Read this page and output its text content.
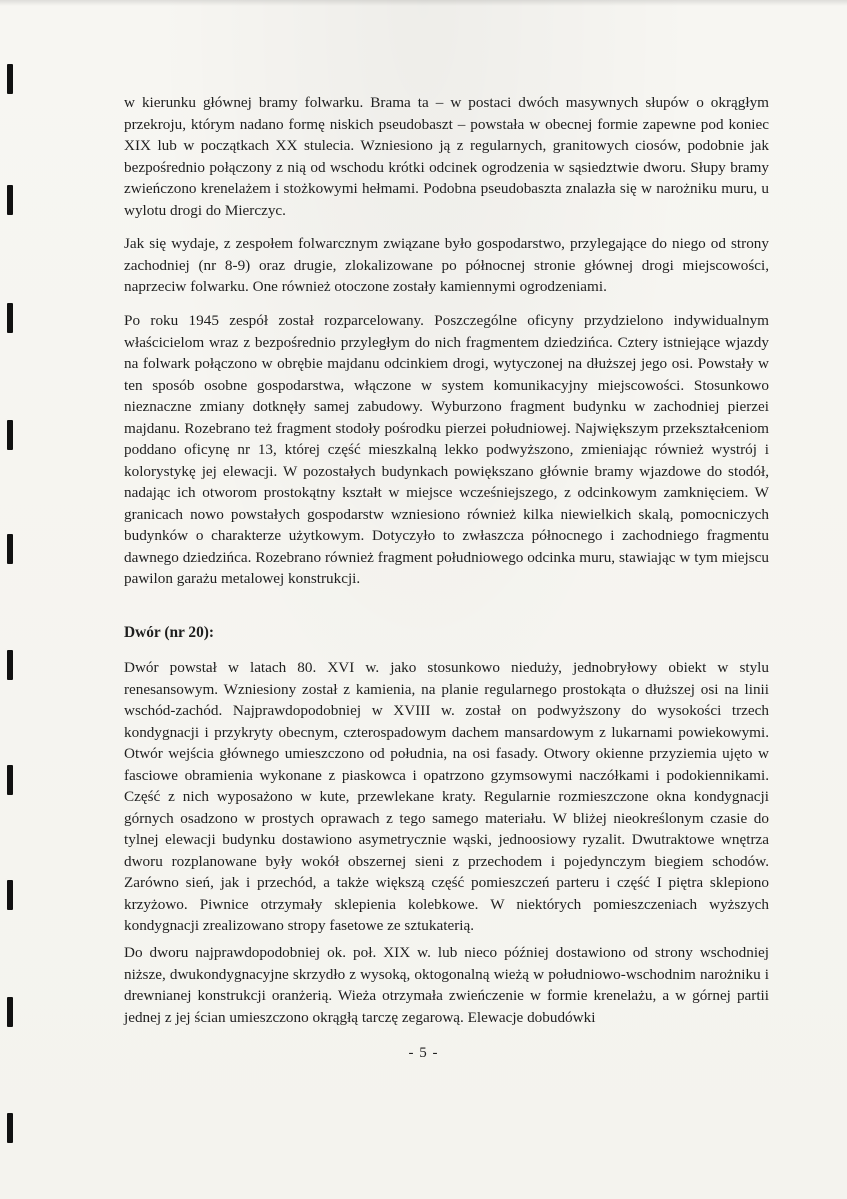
w kierunku głównej bramy folwarku. Brama ta – w postaci dwóch masywnych słupów o okrągłym przekroju, którym nadano formę niskich pseudobaszt – powstała w obecnej formie zapewne pod koniec XIX lub w początkach XX stulecia. Wzniesiono ją z regularnych, granitowych ciosów, podobnie jak bezpośrednio połączony z nią od wschodu krótki odcinek ogrodzenia w sąsiedztwie dworu. Słupy bramy zwieńczono krenelażem i stożkowymi hełmami. Podobna pseudobaszta znalazła się w narożniku muru, u wylotu drogi do Mierczyc.

Jak się wydaje, z zespołem folwarcznym związane było gospodarstwo, przylegające do niego od strony zachodniej (nr 8-9) oraz drugie, zlokalizowane po północnej stronie głównej drogi miejscowości, naprzeciw folwarku. One również otoczone zostały kamiennymi ogrodzeniami.

Po roku 1945 zespół został rozparcelowany. Poszczególne oficyny przydzielono indywidualnym właścicielom wraz z bezpośrednio przyległym do nich fragmentem dziedzińca. Cztery istniejące wjazdy na folwark połączono w obrębie majdanu odcinkiem drogi, wytyczonej na dłuższej jego osi. Powstały w ten sposób osobne gospodarstwa, włączone w system komunikacyjny miejscowości. Stosunkowo nieznaczne zmiany dotknęły samej zabudowy. Wyburzono fragment budynku w zachodniej pierzei majdanu. Rozebrano też fragment stodoły pośrodku pierzei południowej. Największym przekształceniom poddano oficynę nr 13, której część mieszkalną lekko podwyższono, zmieniając również wystrój i kolorystykę jej elewacji. W pozostałych budynkach powiększano głównie bramy wjazdowe do stodół, nadając ich otworom prostokątny kształt w miejsce wcześniejszego, z odcinkowym zamknięciem. W granicach nowo powstałych gospodarstw wzniesiono również kilka niewielkich skalą, pomocniczych budynków o charakterze użytkowym. Dotyczyło to zwłaszcza północnego i zachodniego fragmentu dawnego dziedzińca. Rozebrano również fragment południowego odcinka muru, stawiając w tym miejscu pawilon garażu metalowej konstrukcji.

Dwór (nr 20):

Dwór powstał w latach 80. XVI w. jako stosunkowo nieduży, jednobryłowy obiekt w stylu renesansowym. Wzniesiony został z kamienia, na planie regularnego prostokąta o dłuższej osi na linii wschód-zachód. Najprawdopodobniej w XVIII w. został on podwyższony do wysokości trzech kondygnacji i przykryty obecnym, czterospadowym dachem mansardowym z lukarnami powiekowymi. Otwór wejścia głównego umieszczono od południa, na osi fasady. Otwory okienne przyziemia ujęto w fasciowe obramienia wykonane z piaskowca i opatrzono gzymsowymi naczółkami i podokiennikami. Część z nich wyposażono w kute, przewlekane kraty. Regularnie rozmieszczone okna kondygnacji górnych osadzono w prostych oprawach z tego samego materiału. W bliżej nieokreślonym czasie do tylnej elewacji budynku dostawiono asymetrycznie wąski, jednoosiowy ryzalit. Dwutraktowe wnętrza dworu rozplanowane były wokół obszernej sieni z przechodem i pojedynczym biegiem schodów. Zarówno sień, jak i przechód, a także większą część pomieszczeń parteru i część I piętra sklepiono krzyżowo. Piwnice otrzymały sklepienia kolebkowe. W niektórych pomieszczeniach wyższych kondygnacji zrealizowano stropy fasetowe ze sztukaterią.

Do dworu najprawdopodobniej ok. poł. XIX w. lub nieco później dostawiono od strony wschodniej niższe, dwukondygnacyjne skrzydło z wysoką, oktogonalną wieżą w południowo-wschodnim narożniku i drewnianej konstrukcji oranżerią. Wieża otrzymała zwieńczenie w formie krenelażu, a w górnej partii jednej z jej ścian umieszczono okrągłą tarczę zegarową. Elewacje dobudówki

- 5 -
